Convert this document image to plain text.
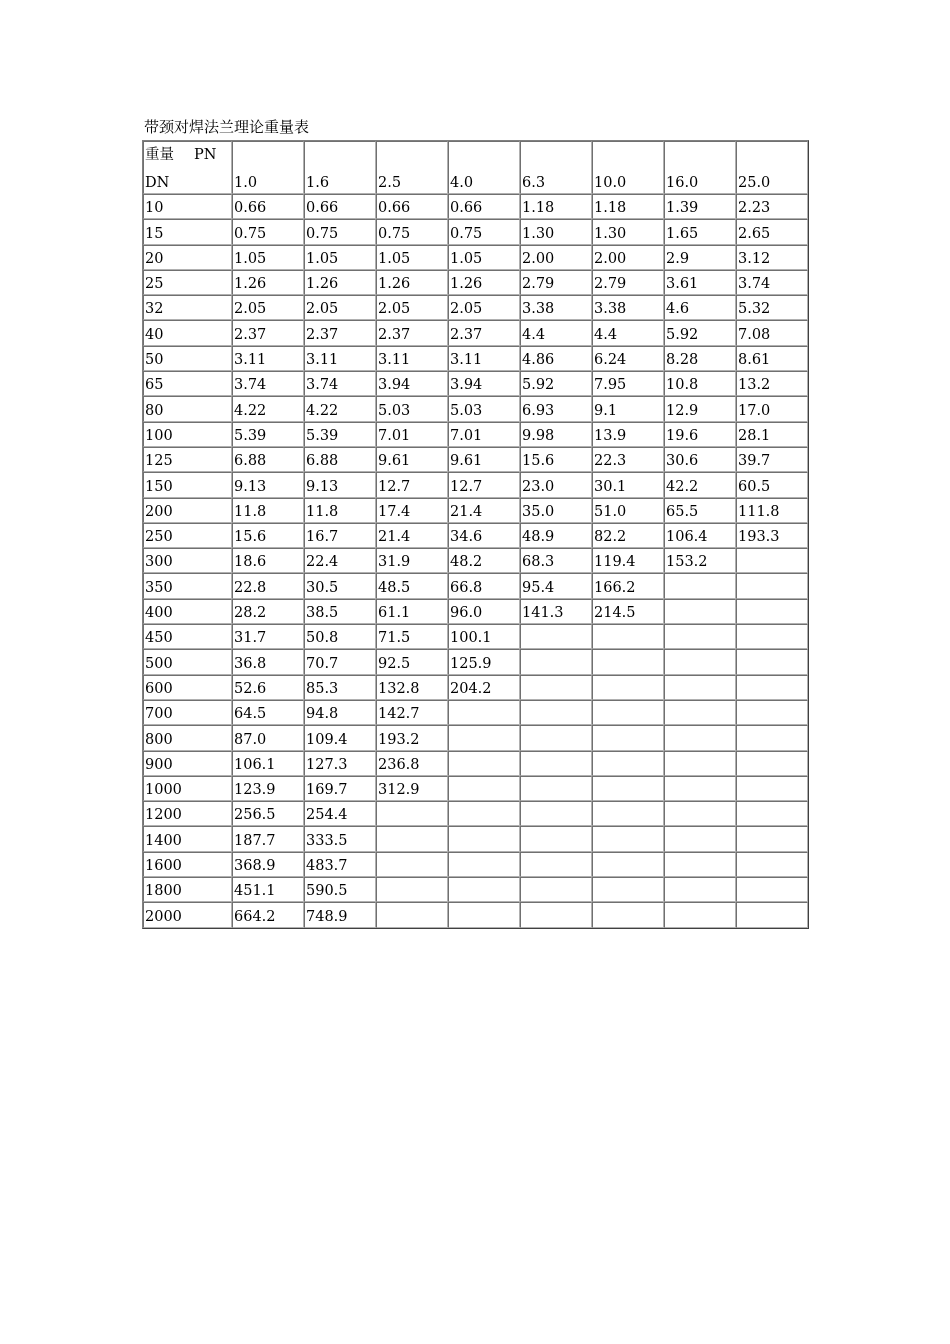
带颈对焊法兰理论重量表
重量 PN
DN	1.0	1.6	2.5	4.0	6.3	10.0	16.0	25.0
10	0.66	0.66	0.66	0.66	1.18	1.18	1.39	2.23
15	0.75	0.75	0.75	0.75	1.30	1.30	1.65	2.65
20	1.05	1.05	1.05	1.05	2.00	2.00	2.9	3.12
25	1.26	1.26	1.26	1.26	2.79	2.79	3.61	3.74
32	2.05	2.05	2.05	2.05	3.38	3.38	4.6	5.32
40	2.37	2.37	2.37	2.37	4.4	4.4	5.92	7.08
50	3.11	3.11	3.11	3.11	4.86	6.24	8.28	8.61
65	3.74	3.74	3.94	3.94	5.92	7.95	10.8	13.2
80	4.22	4.22	5.03	5.03	6.93	9.1	12.9	17.0
100	5.39	5.39	7.01	7.01	9.98	13.9	19.6	28.1
125	6.88	6.88	9.61	9.61	15.6	22.3	30.6	39.7
150	9.13	9.13	12.7	12.7	23.0	30.1	42.2	60.5
200	11.8	11.8	17.4	21.4	35.0	51.0	65.5	111.8
250	15.6	16.7	21.4	34.6	48.9	82.2	106.4	193.3
300	18.6	22.4	31.9	48.2	68.3	119.4	153.2	
350	22.8	30.5	48.5	66.8	95.4	166.2		
400	28.2	38.5	61.1	96.0	141.3	214.5		
450	31.7	50.8	71.5	100.1				
500	36.8	70.7	92.5	125.9				
600	52.6	85.3	132.8	204.2				
700	64.5	94.8	142.7					
800	87.0	109.4	193.2					
900	106.1	127.3	236.8					
1000	123.9	169.7	312.9					
1200	256.5	254.4						
1400	187.7	333.5						
1600	368.9	483.7						
1800	451.1	590.5						
2000	664.2	748.9						
